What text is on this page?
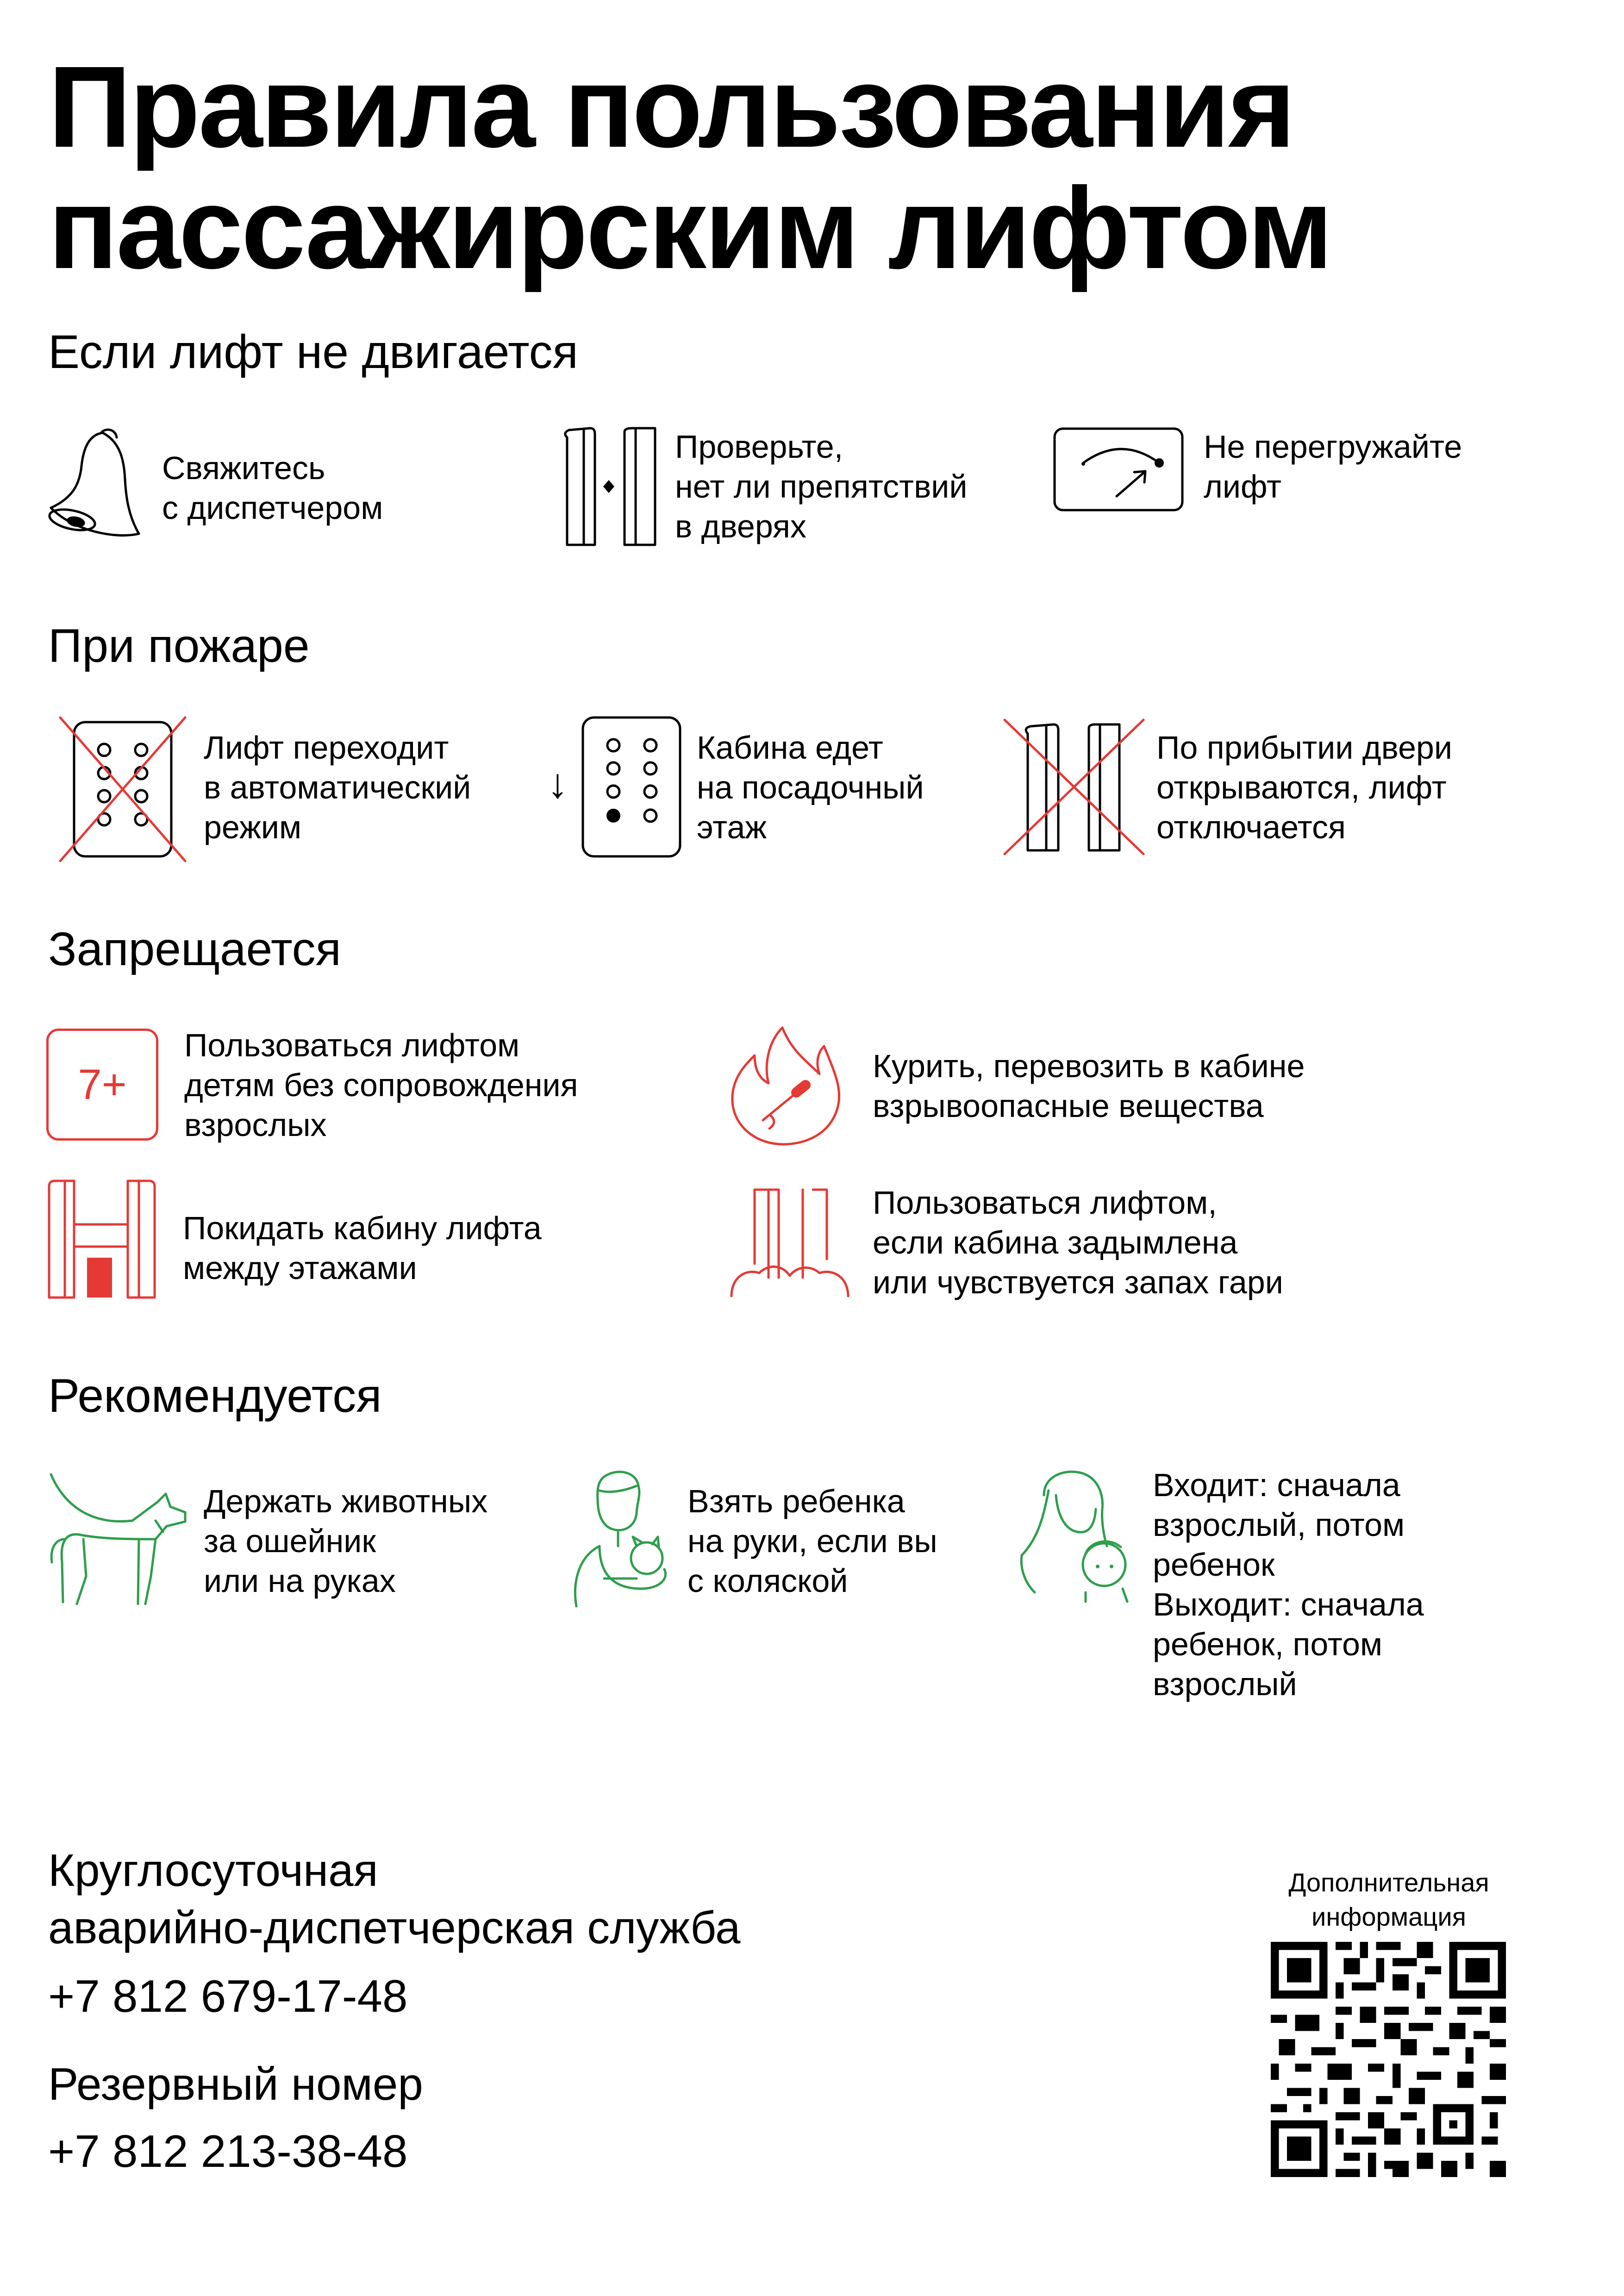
Правила пользования
пассажирским лифтом
Если лифт не двигается

Свяжитесь
с диспетчером

Проверьте,
нет ли препятствий
в дверях

Не перегружайте
лифт

При пожаре

Лифт переходит
в автоматический
режим

↓

Кабина едет
на посадочный
этаж

По прибытии двери
открываются, лифт
отключается

Запрещается
7+

Пользоваться лифтом
детям без сопровождения
взрослых

Курить, перевозить в кабине
взрывоопасные вещества

Покидать кабину лифта
между этажами

Пользоваться лифтом,
если кабина задымлена
или чувствуется запах гари

Рекомендуется

Держать животных
за ошейник
или на руках

Взять ребенка
на руки, если вы
с коляской

Входит: сначала
взрослый, потом
ребенок
Выходит: сначала
ребенок, потом
взрослый

Круглосуточная
аварийно-диспетчерская служба

+7 812 679-17-48

Резервный номер

+7 812 213-38-48

Дополнительная
информация
